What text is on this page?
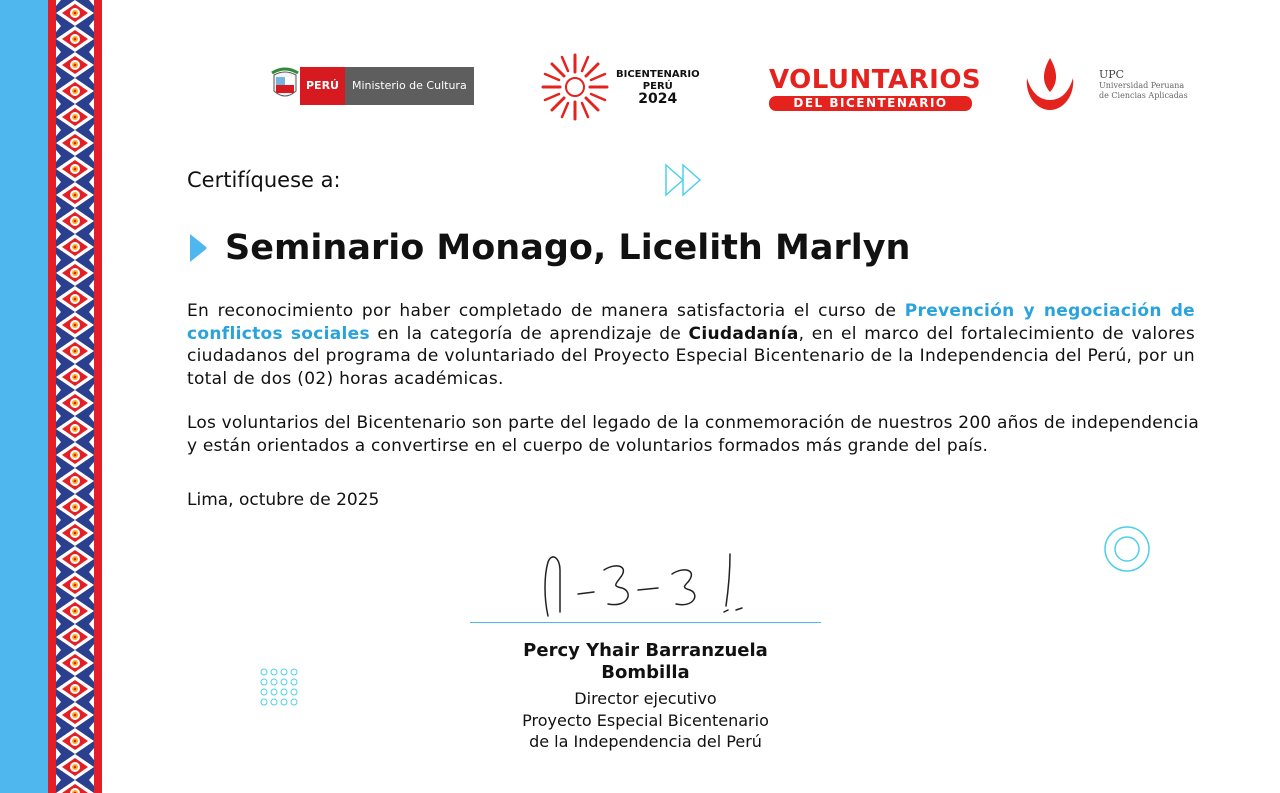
PERÚ	Ministerio de Cultura
BICENTENARIO
PERÚ
2024
VOLUNTARIOS
DEL BICENTENARIO
UPC
Universidad Peruana
de Ciencias Aplicadas
Certifíquese a:
Seminario Monago, Licelith Marlyn
En reconocimiento por haber completado de manera satisfactoria el curso de Prevención y negociación de conflictos sociales en la categoría de aprendizaje de Ciudadanía, en el marco del fortalecimiento de valores ciudadanos del programa de voluntariado del Proyecto Especial Bicentenario de la Independencia del Perú, por un total de dos (02) horas académicas.
Los voluntarios del Bicentenario son parte del legado de la conmemoración de nuestros 200 años de independencia y están orientados a convertirse en el cuerpo de voluntarios formados más grande del país.
Lima, octubre de 2025
Percy Yhair Barranzuela
Bombilla
Director ejecutivo
Proyecto Especial Bicentenario
de la Independencia del Perú
